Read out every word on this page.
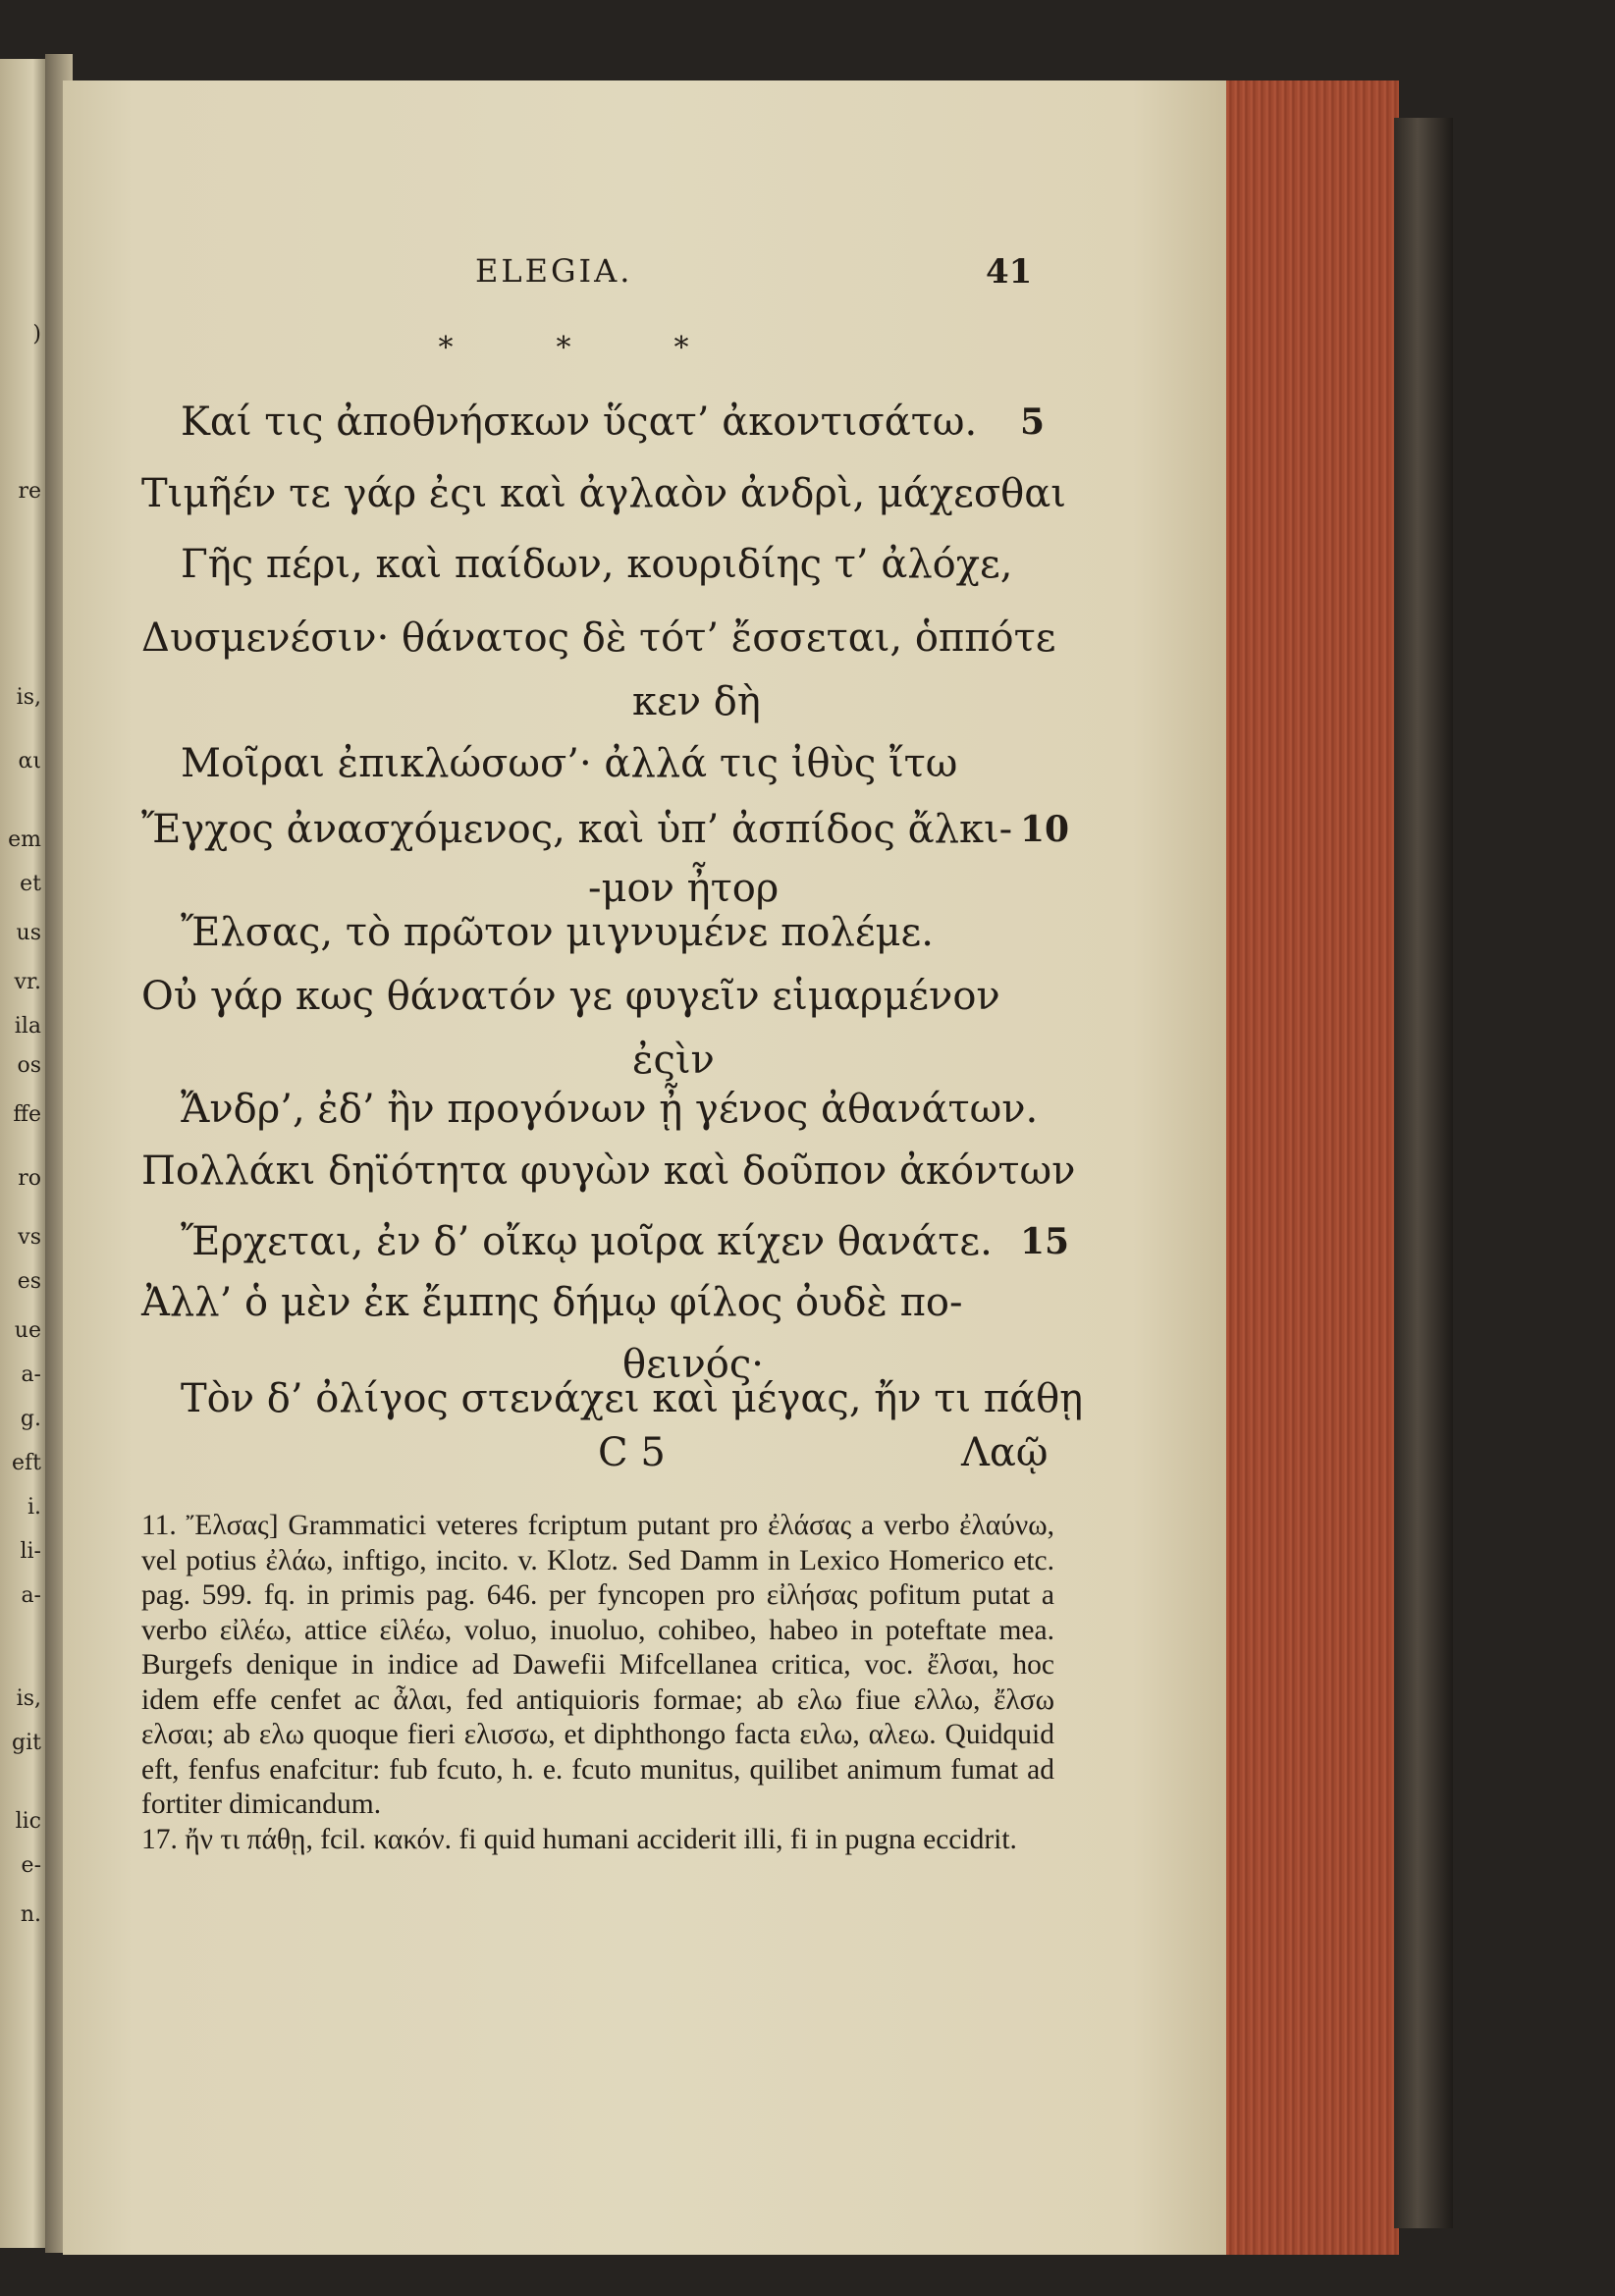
)
re
is,
αι
em
et
us
vr.
ila
os
ffe
ro
vs
es
ue
a-
g.
eft
i.
li-
a-
is,
git
lic
e-
n.
ELEGIA.	41
*	*	*
Καί τις ἀποθνήσκων ὕςατ’ ἀκοντισάτω. 5
Τιμῆέν τε γάρ ἐςι καὶ ἀγλαὸν ἀνδρὶ, μάχεσθαι
Γῆς πέρι, καὶ παίδων, κουριδίης τ’ ἀλόχε,
Δυσμενέσιν· θάνατος δὲ τότ’ ἔσσεται, ὁππότε
κεν δὴ
Μοῖραι ἐπικλώσωσ’· ἀλλά τις ἰθὺς ἴτω
Ἔγχος ἀνασχόμενος, καὶ ὑπ’ ἀσπίδος ἄλκι- 10
-μον ἦτορ
Ἔλσας, τὸ πρῶτον μιγνυμένε πολέμε.
Οὐ γάρ κως θάνατόν γε φυγεῖν εἱμαρμένον
ἐςὶν
Ἄνδρ’, ἐδ’ ἢν προγόνων ᾖ γένος ἀθανάτων.
Πολλάκι δηϊότητα φυγὼν καὶ δοῦπον ἀκόντων
Ἔρχεται, ἐν δ’ οἴκῳ μοῖρα κίχεν θανάτε. 15
Ἀλλ’ ὁ μὲν ἐκ ἔμπης δήμῳ φίλος ὀυδὲ πο-
θεινός·
Τὸν δ’ ὀλίγος στενάχει καὶ μέγας, ἤν τι πάθῃ
C 5	Λαῷ

11. Ἔλσας] Grammatici veteres fcriptum putant pro ἐλάσας a verbo ἐλαύνω, vel potius ἐλάω, inftigo, incito. v. Klotz. Sed Damm in Lexico Homerico etc. pag. 599. fq. in primis pag. 646. per fyncopen pro εἰλήσας pofitum putat a verbo εἰλέω, attice εἱλέω, voluo, inuoluo, cohibeo, habeo in poteftate mea. Burgefs denique in indice ad Dawefii Mifcellanea critica, voc. ἔλσαι, hoc idem effe cenfet ac ἆλαι, fed antiquioris formae; ab ελω fiue ελλω, ἔλσω ελσαι; ab ελω quoque fieri ελισσω, et diphthongo facta ειλω, αλεω. Quidquid eft, fenfus enafcitur: fub fcuto, h. e. fcuto munitus, quilibet animum fumat ad fortiter dimicandum.

17. ἤν τι πάθῃ, fcil. κακόν. fi quid humani acciderit illi, fi in pugna eccidrit.
